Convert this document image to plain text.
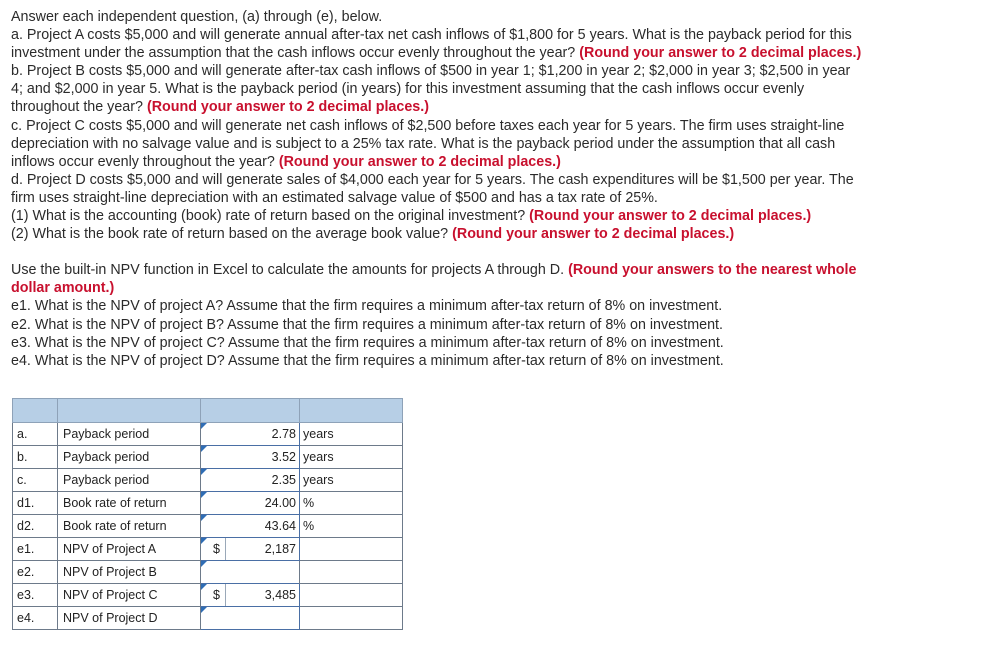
Answer each independent question, (a) through (e), below.
a. Project A costs $5,000 and will generate annual after-tax net cash inflows of $1,800 for 5 years. What is the payback period for this
investment under the assumption that the cash inflows occur evenly throughout the year? (Round your answer to 2 decimal places.)
b. Project B costs $5,000 and will generate after-tax cash inflows of $500 in year 1; $1,200 in year 2; $2,000 in year 3; $2,500 in year
4; and $2,000 in year 5. What is the payback period (in years) for this investment assuming that the cash inflows occur evenly
throughout the year? (Round your answer to 2 decimal places.)
c. Project C costs $5,000 and will generate net cash inflows of $2,500 before taxes each year for 5 years. The firm uses straight-line
depreciation with no salvage value and is subject to a 25% tax rate. What is the payback period under the assumption that all cash
inflows occur evenly throughout the year? (Round your answer to 2 decimal places.)
d. Project D costs $5,000 and will generate sales of $4,000 each year for 5 years. The cash expenditures will be $1,500 per year. The
firm uses straight-line depreciation with an estimated salvage value of $500 and has a tax rate of 25%.
(1) What is the accounting (book) rate of return based on the original investment? (Round your answer to 2 decimal places.)
(2) What is the book rate of return based on the average book value? (Round your answer to 2 decimal places.)
Use the built-in NPV function in Excel to calculate the amounts for projects A through D. (Round your answers to the nearest whole
dollar amount.)
e1. What is the NPV of project A? Assume that the firm requires a minimum after-tax return of 8% on investment.
e2. What is the NPV of project B? Assume that the firm requires a minimum after-tax return of 8% on investment.
e3. What is the NPV of project C? Assume that the firm requires a minimum after-tax return of 8% on investment.
e4. What is the NPV of project D? Assume that the firm requires a minimum after-tax return of 8% on investment.

a.	Payback period	2.78	years
b.	Payback period	3.52	years
c.	Payback period	2.35	years
d1.	Book rate of return	24.00	%
d2.	Book rate of return	43.64	%
e1.	NPV of Project A	$ 2,187	

e2.	NPV of Project B	

e3.	NPV of Project C	$ 3,485	

e4.	NPV of Project D	
